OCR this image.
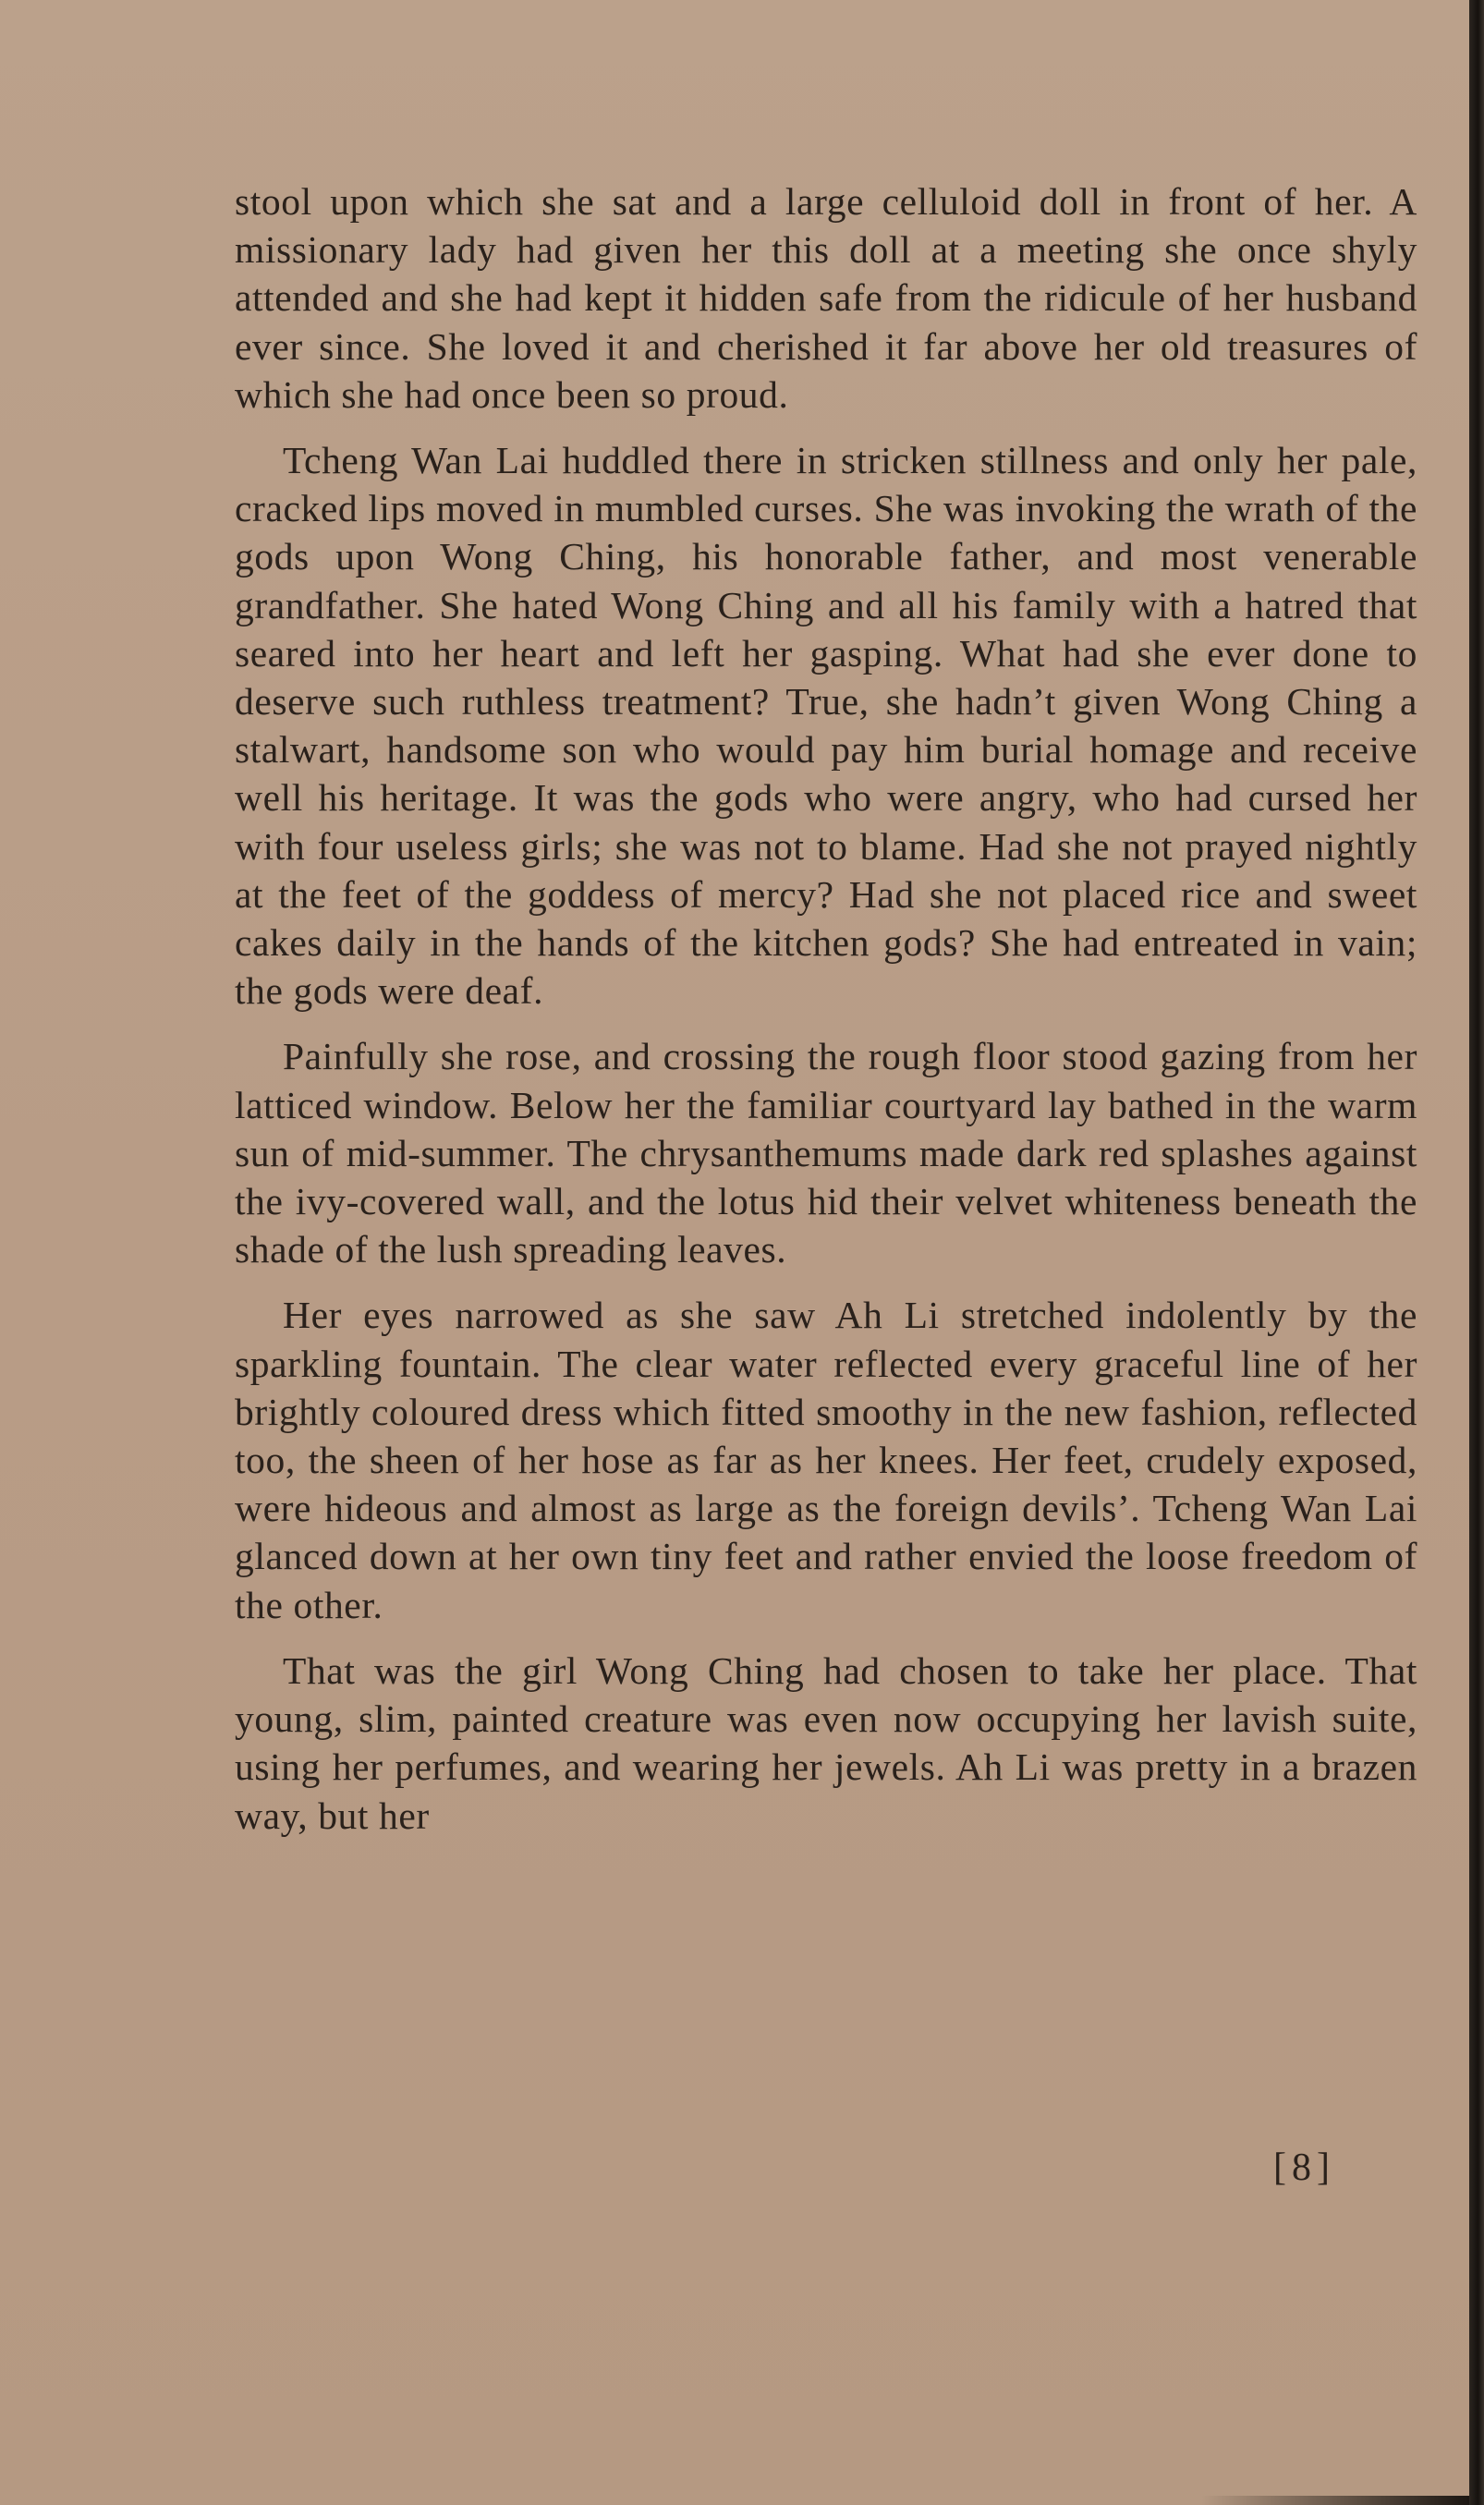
stool upon which she sat and a large celluloid doll in front of her. A missionary lady had given her this doll at a meeting she once shyly attended and she had kept it hidden safe from the ridicule of her husband ever since. She loved it and cherished it far above her old treasures of which she had once been so proud.

Tcheng Wan Lai huddled there in stricken stillness and only her pale, cracked lips moved in mumbled curses. She was invoking the wrath of the gods upon Wong Ching, his honorable father, and most venerable grandfather. She hated Wong Ching and all his family with a hatred that seared into her heart and left her gasping. What had she ever done to deserve such ruthless treatment? True, she hadn’t given Wong Ching a stalwart, handsome son who would pay him burial homage and receive well his heritage. It was the gods who were angry, who had cursed her with four useless girls; she was not to blame. Had she not prayed nightly at the feet of the goddess of mercy? Had she not placed rice and sweet cakes daily in the hands of the kitchen gods? She had entreated in vain; the gods were deaf.

Painfully she rose, and crossing the rough floor stood gazing from her latticed window. Below her the familiar courtyard lay bathed in the warm sun of mid-summer. The chrysanthemums made dark red splashes against the ivy-covered wall, and the lotus hid their velvet whiteness beneath the shade of the lush spreading leaves.

Her eyes narrowed as she saw Ah Li stretched indolently by the sparkling fountain. The clear water reflected every graceful line of her brightly coloured dress which fitted smoothy in the new fashion, reflected too, the sheen of her hose as far as her knees. Her feet, crudely exposed, were hideous and almost as large as the foreign devils’. Tcheng Wan Lai glanced down at her own tiny feet and rather envied the loose freedom of the other.

That was the girl Wong Ching had chosen to take her place. That young, slim, painted creature was even now occupying her lavish suite, using her perfumes, and wearing her jewels. Ah Li was pretty in a brazen way, but her

[8]
